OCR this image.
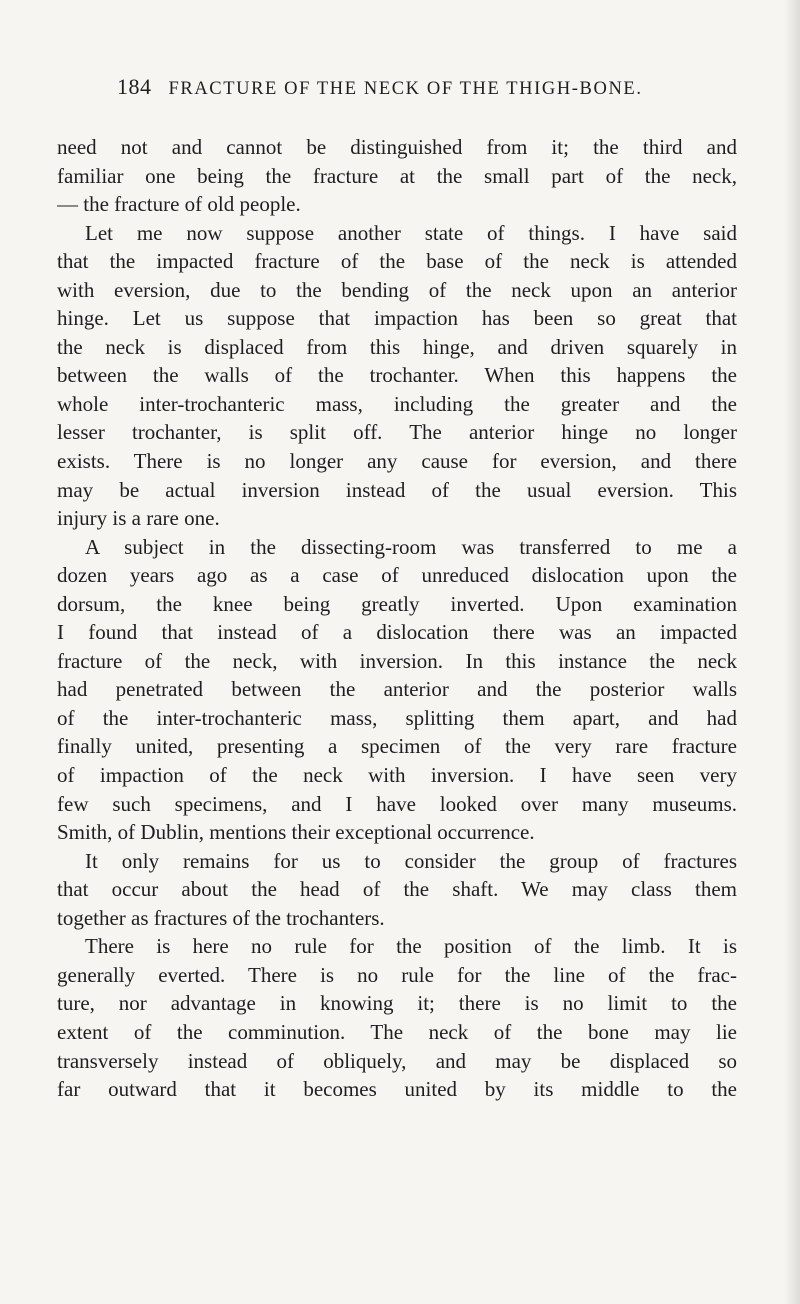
184 FRACTURE OF THE NECK OF THE THIGH-BONE.
need not and cannot be distinguished from it; the third and
familiar one being the fracture at the small part of the neck,
— the fracture of old people.
Let me now suppose another state of things. I have said
that the impacted fracture of the base of the neck is attended
with eversion, due to the bending of the neck upon an anterior
hinge. Let us suppose that impaction has been so great that
the neck is displaced from this hinge, and driven squarely in
between the walls of the trochanter. When this happens the
whole inter-trochanteric mass, including the greater and the
lesser trochanter, is split off. The anterior hinge no longer
exists. There is no longer any cause for eversion, and there
may be actual inversion instead of the usual eversion. This
injury is a rare one.
A subject in the dissecting-room was transferred to me a
dozen years ago as a case of unreduced dislocation upon the
dorsum, the knee being greatly inverted. Upon examination
I found that instead of a dislocation there was an impacted
fracture of the neck, with inversion. In this instance the neck
had penetrated between the anterior and the posterior walls
of the inter-trochanteric mass, splitting them apart, and had
finally united, presenting a specimen of the very rare fracture
of impaction of the neck with inversion. I have seen very
few such specimens, and I have looked over many museums.
Smith, of Dublin, mentions their exceptional occurrence.
It only remains for us to consider the group of fractures
that occur about the head of the shaft. We may class them
together as fractures of the trochanters.
There is here no rule for the position of the limb. It is
generally everted. There is no rule for the line of the frac-
ture, nor advantage in knowing it; there is no limit to the
extent of the comminution. The neck of the bone may lie
transversely instead of obliquely, and may be displaced so
far outward that it becomes united by its middle to the
